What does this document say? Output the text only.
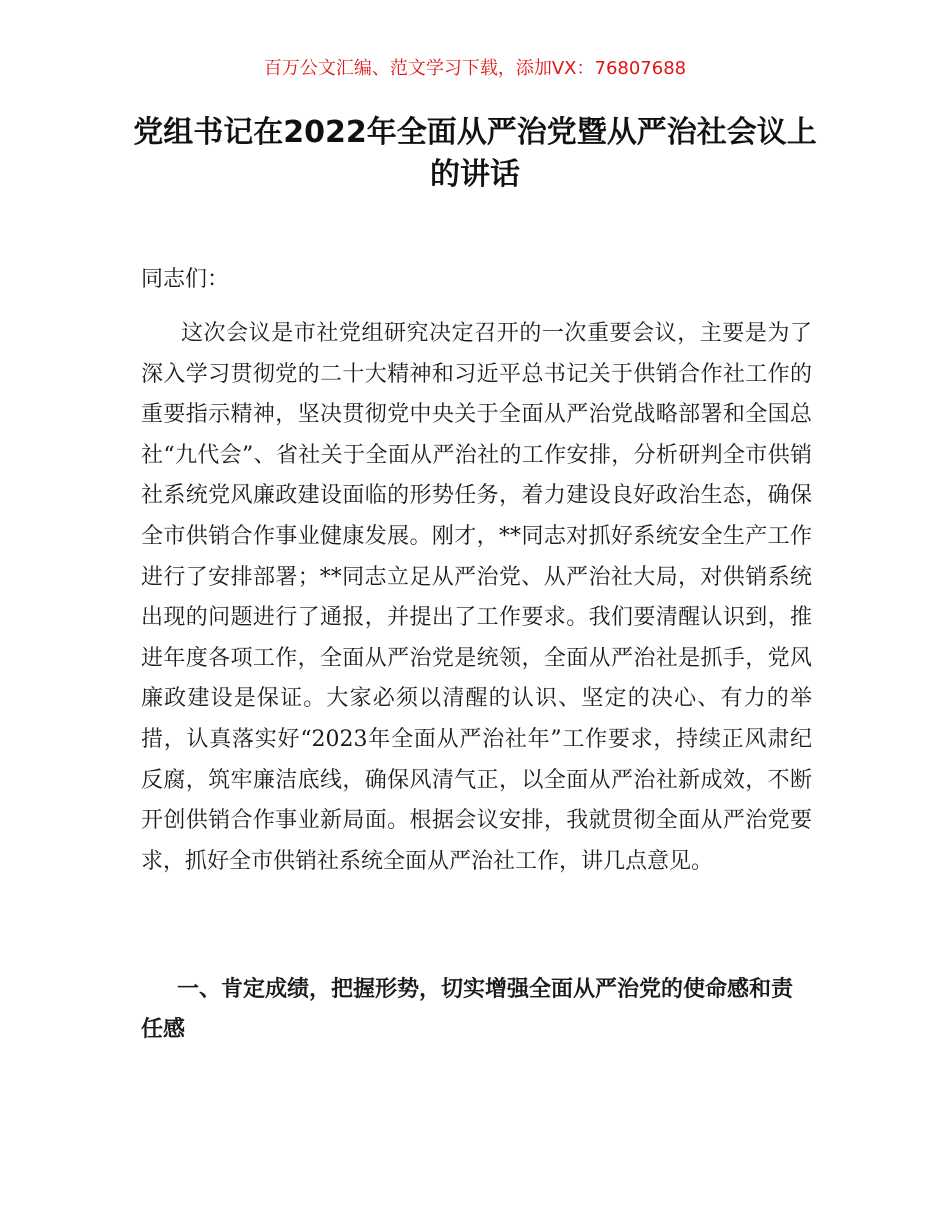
百万公文汇编、范文学习下载，添加VX：76807688
党组书记在2022年全面从严治党暨从严治社会议上的讲话

同志们：

这次会议是市社党组研究决定召开的一次重要会议，主要是为了深入学习贯彻党的二十大精神和习近平总书记关于供销合作社工作的重要指示精神，坚决贯彻党中央关于全面从严治党战略部署和全国总社“九代会”、省社关于全面从严治社的工作安排，分析研判全市供销社系统党风廉政建设面临的形势任务，着力建设良好政治生态，确保全市供销合作事业健康发展。刚才，**同志对抓好系统安全生产工作进行了安排部署；**同志立足从严治党、从严治社大局，对供销系统出现的问题进行了通报，并提出了工作要求。我们要清醒认识到，推进年度各项工作，全面从严治党是统领，全面从严治社是抓手，党风廉政建设是保证。大家必须以清醒的认识、坚定的决心、有力的举措，认真落实好“2023年全面从严治社年”工作要求，持续正风肃纪反腐，筑牢廉洁底线，确保风清气正，以全面从严治社新成效，不断开创供销合作事业新局面。根据会议安排，我就贯彻全面从严治党要求，抓好全市供销社系统全面从严治社工作，讲几点意见。

一、肯定成绩，把握形势，切实增强全面从严治党的使命感和责任感
